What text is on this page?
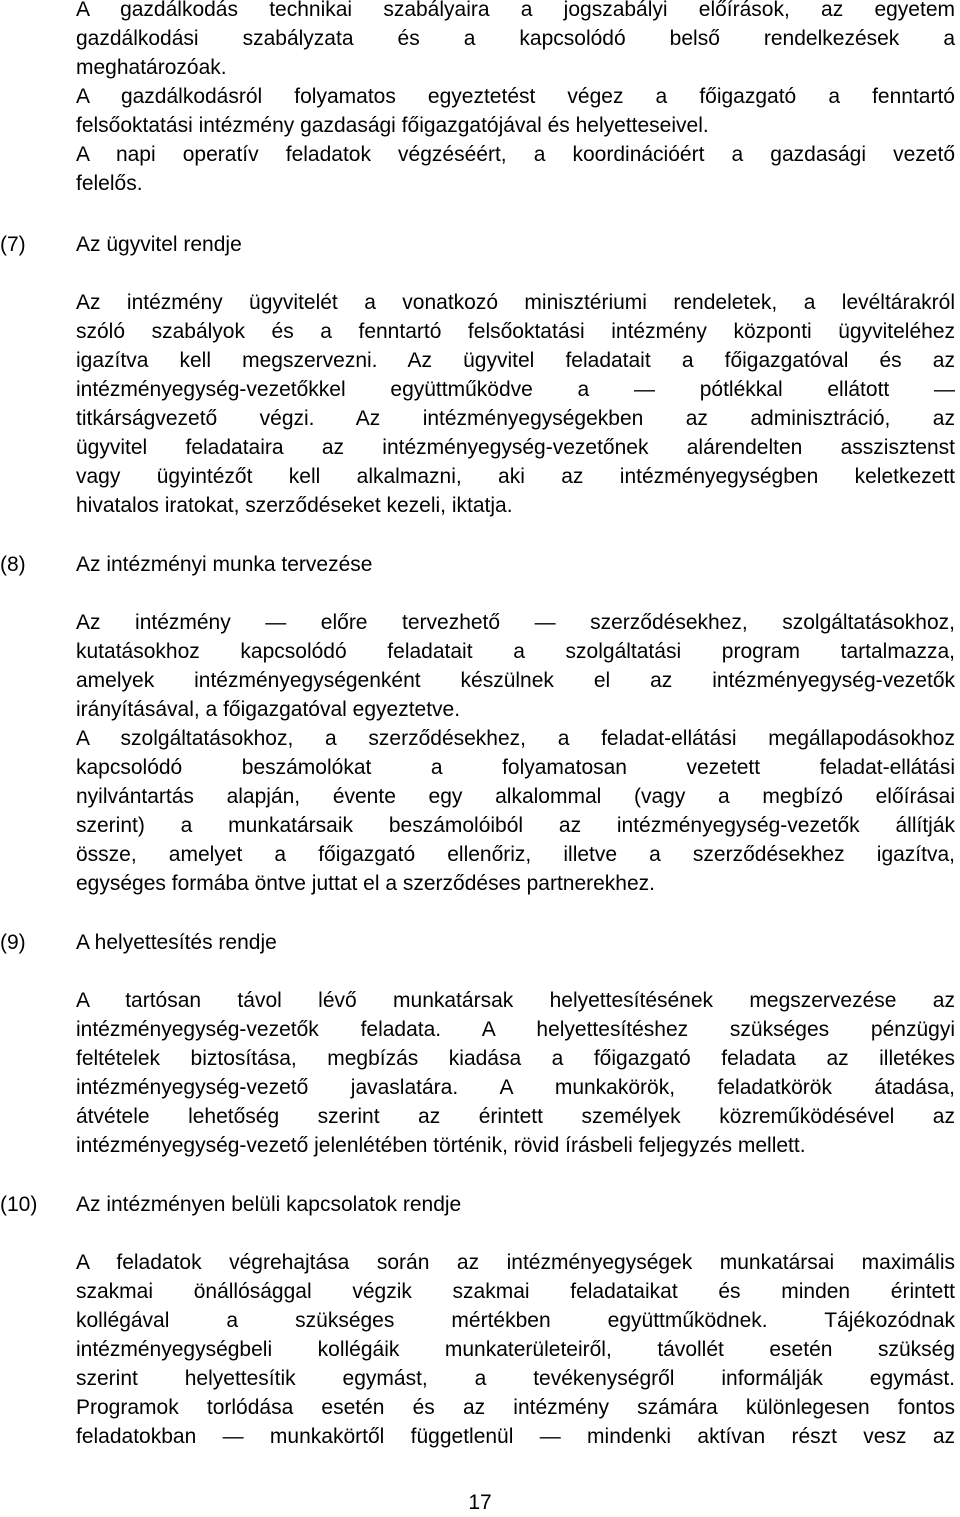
A gazdálkodás technikai szabályaira a jogszabályi előírások, az egyetem
gazdálkodási szabályzata és a kapcsolódó belső rendelkezések a
meghatározóak.
A gazdálkodásról folyamatos egyeztetést végez a főigazgató a fenntartó
felsőoktatási intézmény gazdasági főigazgatójával és helyetteseivel.
A napi operatív feladatok végzéséért, a koordinációért a gazdasági vezető
felelős.
(7) Az ügyvitel rendje
Az intézmény ügyvitelét a vonatkozó minisztériumi rendeletek, a levéltárakról
szóló szabályok és a fenntartó felsőoktatási intézmény központi ügyviteléhez
igazítva kell megszervezni. Az ügyvitel feladatait a főigazgatóval és az
intézményegység-vezetőkkel együttműködve a — pótlékkal ellátott —
titkárságvezető végzi. Az intézményegységekben az adminisztráció, az
ügyvitel feladataira az intézményegység-vezetőnek alárendelten asszisztenst
vagy ügyintézőt kell alkalmazni, aki az intézményegységben keletkezett
hivatalos iratokat, szerződéseket kezeli, iktatja.
(8) Az intézményi munka tervezése
Az intézmény — előre tervezhető — szerződésekhez, szolgáltatásokhoz,
kutatásokhoz kapcsolódó feladatait a szolgáltatási program tartalmazza,
amelyek intézményegységenként készülnek el az intézményegység-vezetők
irányításával, a főigazgatóval egyeztetve.
A szolgáltatásokhoz, a szerződésekhez, a feladat-ellátási megállapodásokhoz
kapcsolódó beszámolókat a folyamatosan vezetett feladat-ellátási
nyilvántartás alapján, évente egy alkalommal (vagy a megbízó előírásai
szerint) a munkatársaik beszámolóiból az intézményegység-vezetők állítják
össze, amelyet a főigazgató ellenőriz, illetve a szerződésekhez igazítva,
egységes formába öntve juttat el a szerződéses partnerekhez.
(9) A helyettesítés rendje
A tartósan távol lévő munkatársak helyettesítésének megszervezése az
intézményegység-vezetők feladata. A helyettesítéshez szükséges pénzügyi
feltételek biztosítása, megbízás kiadása a főigazgató feladata az illetékes
intézményegység-vezető javaslatára. A munkakörök, feladatkörök átadása,
átvétele lehetőség szerint az érintett személyek közreműködésével az
intézményegység-vezető jelenlétében történik, rövid írásbeli feljegyzés mellett.
(10) Az intézményen belüli kapcsolatok rendje
A feladatok végrehajtása során az intézményegységek munkatársai maximális
szakmai önállósággal végzik szakmai feladataikat és minden érintett
kollégával a szükséges mértékben együttműködnek. Tájékozódnak
intézményegységbeli kollégáik munkaterületeiről, távollét esetén szükség
szerint helyettesítik egymást, a tevékenységről informálják egymást.
Programok torlódása esetén és az intézmény számára különlegesen fontos
feladatokban — munkakörtől függetlenül — mindenki aktívan részt vesz az
17
